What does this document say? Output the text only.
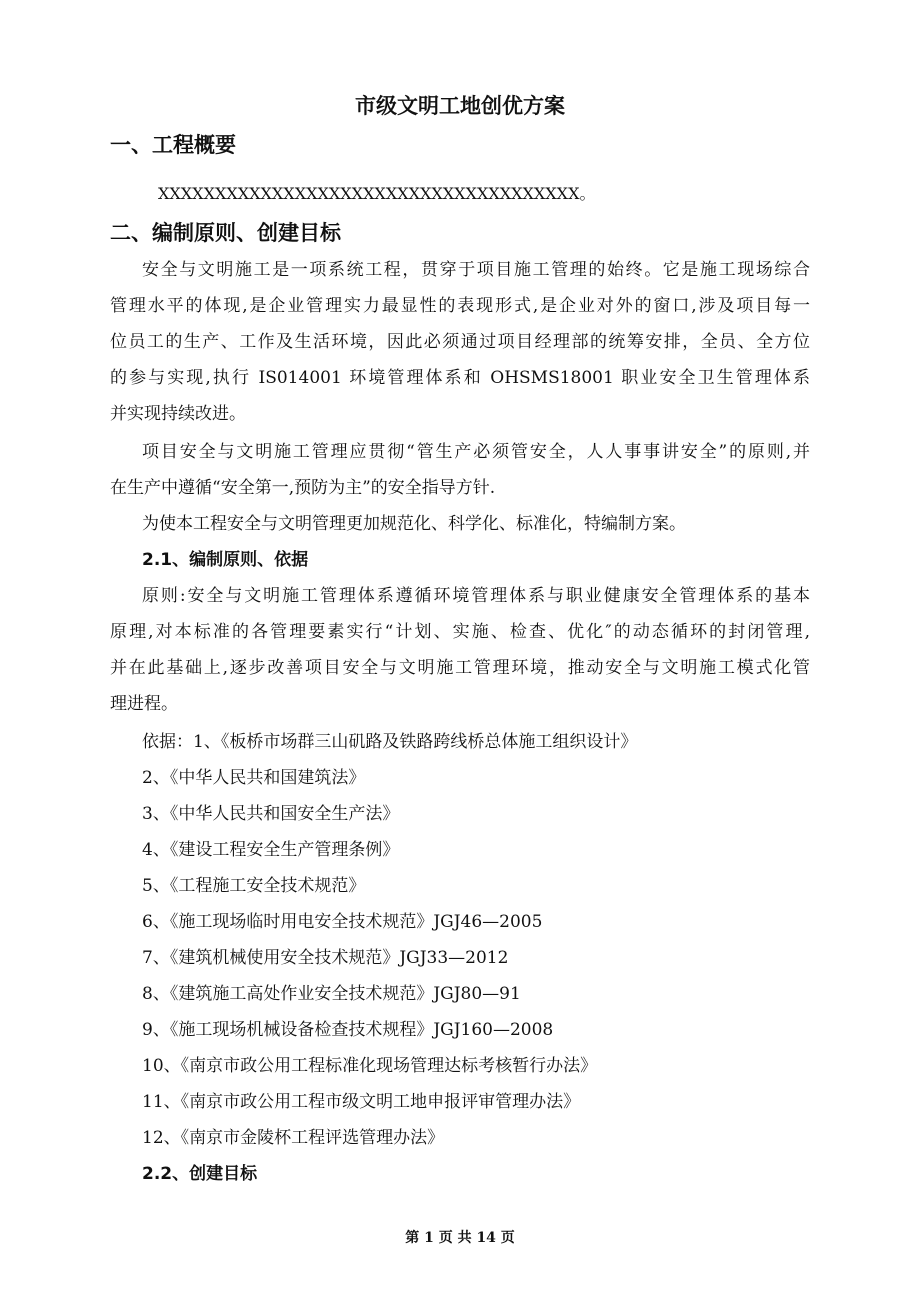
市级文明工地创优方案
一、工程概要
XXXXXXXXXXXXXXXXXXXXXXXXXXXXXXXXXXXXX。
二、编制原则、创建目标
安全与文明施工是一项系统工程，贯穿于项目施工管理的始终。它是施工现场综合
管理水平的体现,是企业管理实力最显性的表现形式,是企业对外的窗口,涉及项目每一
位员工的生产、工作及生活环境，因此必须通过项目经理部的统筹安排，全员、全方位
的参与实现,执行 IS014001 环境管理体系和 OHSMS18001 职业安全卫生管理体系
并实现持续改进。
项目安全与文明施工管理应贯彻“管生产必须管安全，人人事事讲安全”的原则,并
在生产中遵循“安全第一,预防为主”的安全指导方针.
为使本工程安全与文明管理更加规范化、科学化、标准化，特编制方案。
2.1、编制原则、依据
原则:安全与文明施工管理体系遵循环境管理体系与职业健康安全管理体系的基本
原理,对本标准的各管理要素实行“计划、实施、检查、优化″的动态循环的封闭管理,
并在此基础上,逐步改善项目安全与文明施工管理环境，推动安全与文明施工模式化管
理进程。
依据：1、《板桥市场群三山矶路及铁路跨线桥总体施工组织设计》
2、《中华人民共和国建筑法》
3、《中华人民共和国安全生产法》
4、《建设工程安全生产管理条例》
5、《工程施工安全技术规范》
6、《施工现场临时用电安全技术规范》JGJ46—2005
7、《建筑机械使用安全技术规范》JGJ33—2012
8、《建筑施工高处作业安全技术规范》JGJ80—91
9、《施工现场机械设备检查技术规程》JGJ160—2008
10、《南京市政公用工程标准化现场管理达标考核暂行办法》
11、《南京市政公用工程市级文明工地申报评审管理办法》
12、《南京市金陵杯工程评选管理办法》
2.2、创建目标
第 1 页 共 14 页
